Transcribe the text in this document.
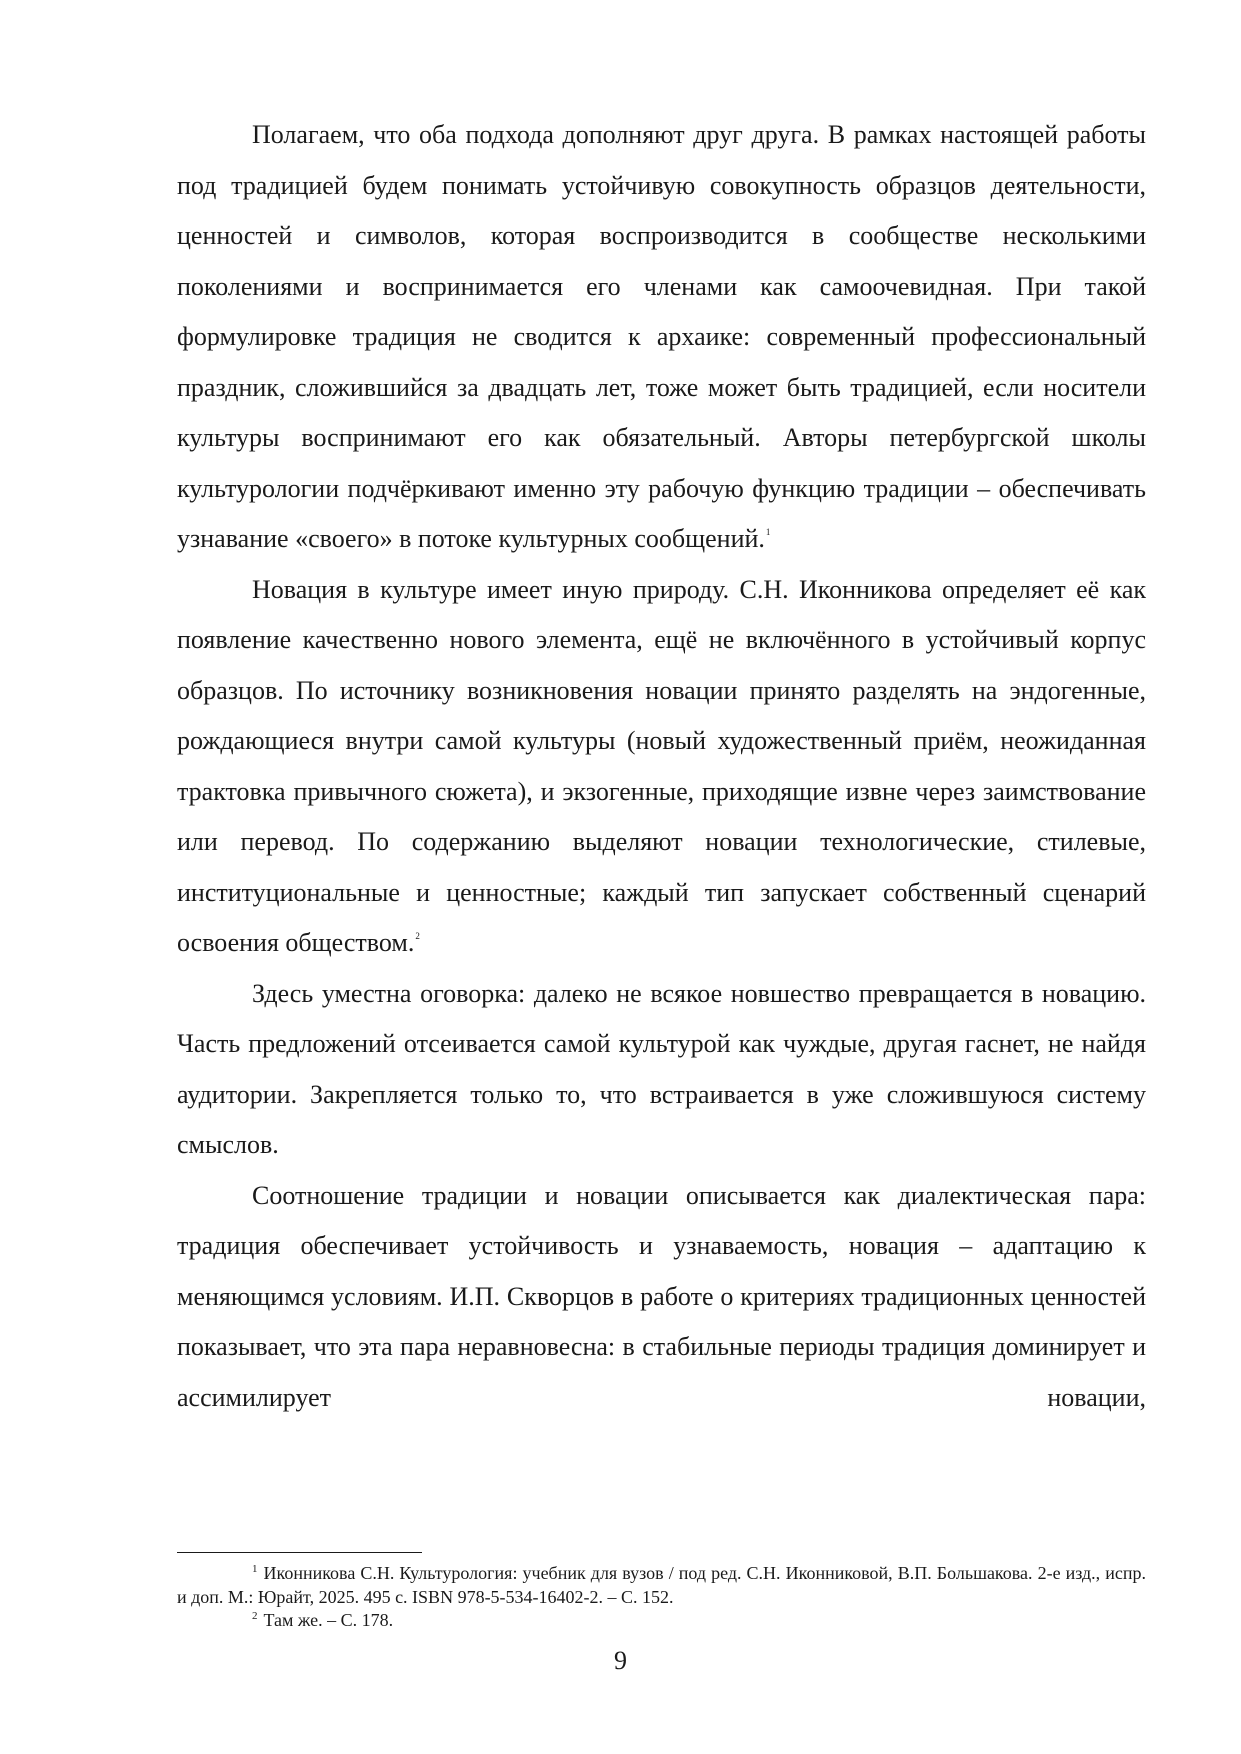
Полагаем, что оба подхода дополняют друг друга. В рамках настоящей работы под традицией будем понимать устойчивую совокупность образцов деятельности, ценностей и символов, которая воспроизводится в сообществе несколькими поколениями и воспринимается его членами как самоочевидная. При такой формулировке традиция не сводится к архаике: современный профессиональный праздник, сложившийся за двадцать лет, тоже может быть традицией, если носители культуры воспринимают его как обязательный. Авторы петербургской школы культурологии подчёркивают именно эту рабочую функцию традиции – обеспечивать узнавание «своего» в потоке культурных сообщений.$^1$

Новация в культуре имеет иную природу. С.Н. Иконникова определяет её как появление качественно нового элемента, ещё не включённого в устойчивый корпус образцов. По источнику возникновения новации принято разделять на эндогенные, рождающиеся внутри самой культуры (новый художественный приём, неожиданная трактовка привычного сюжета), и экзогенные, приходящие извне через заимствование или перевод. По содержанию выделяют новации технологические, стилевые, институциональные и ценностные; каждый тип запускает собственный сценарий освоения обществом.$^2$

Здесь уместна оговорка: далеко не всякое новшество превращается в новацию. Часть предложений отсеивается самой культурой как чуждые, другая гаснет, не найдя аудитории. Закрепляется только то, что встраивается в уже сложившуюся систему смыслов.

Соотношение традиции и новации описывается как диалектическая пара: традиция обеспечивает устойчивость и узнаваемость, новация – адаптацию к меняющимся условиям. И.П. Скворцов в работе о критериях традиционных ценностей показывает, что эта пара неравновесна: в стабильные периоды традиция доминирует и ассимилирует новации,

$^1$ Иконникова С.Н. Культурология: учебник для вузов / под ред. С.Н. Иконниковой, В.П. Большакова. 2-е изд., испр. и доп. М.: Юрайт, 2025. 495 с. ISBN 978-5-534-16402-2. – С. 152.

$^2$ Там же. – С. 178.

9
